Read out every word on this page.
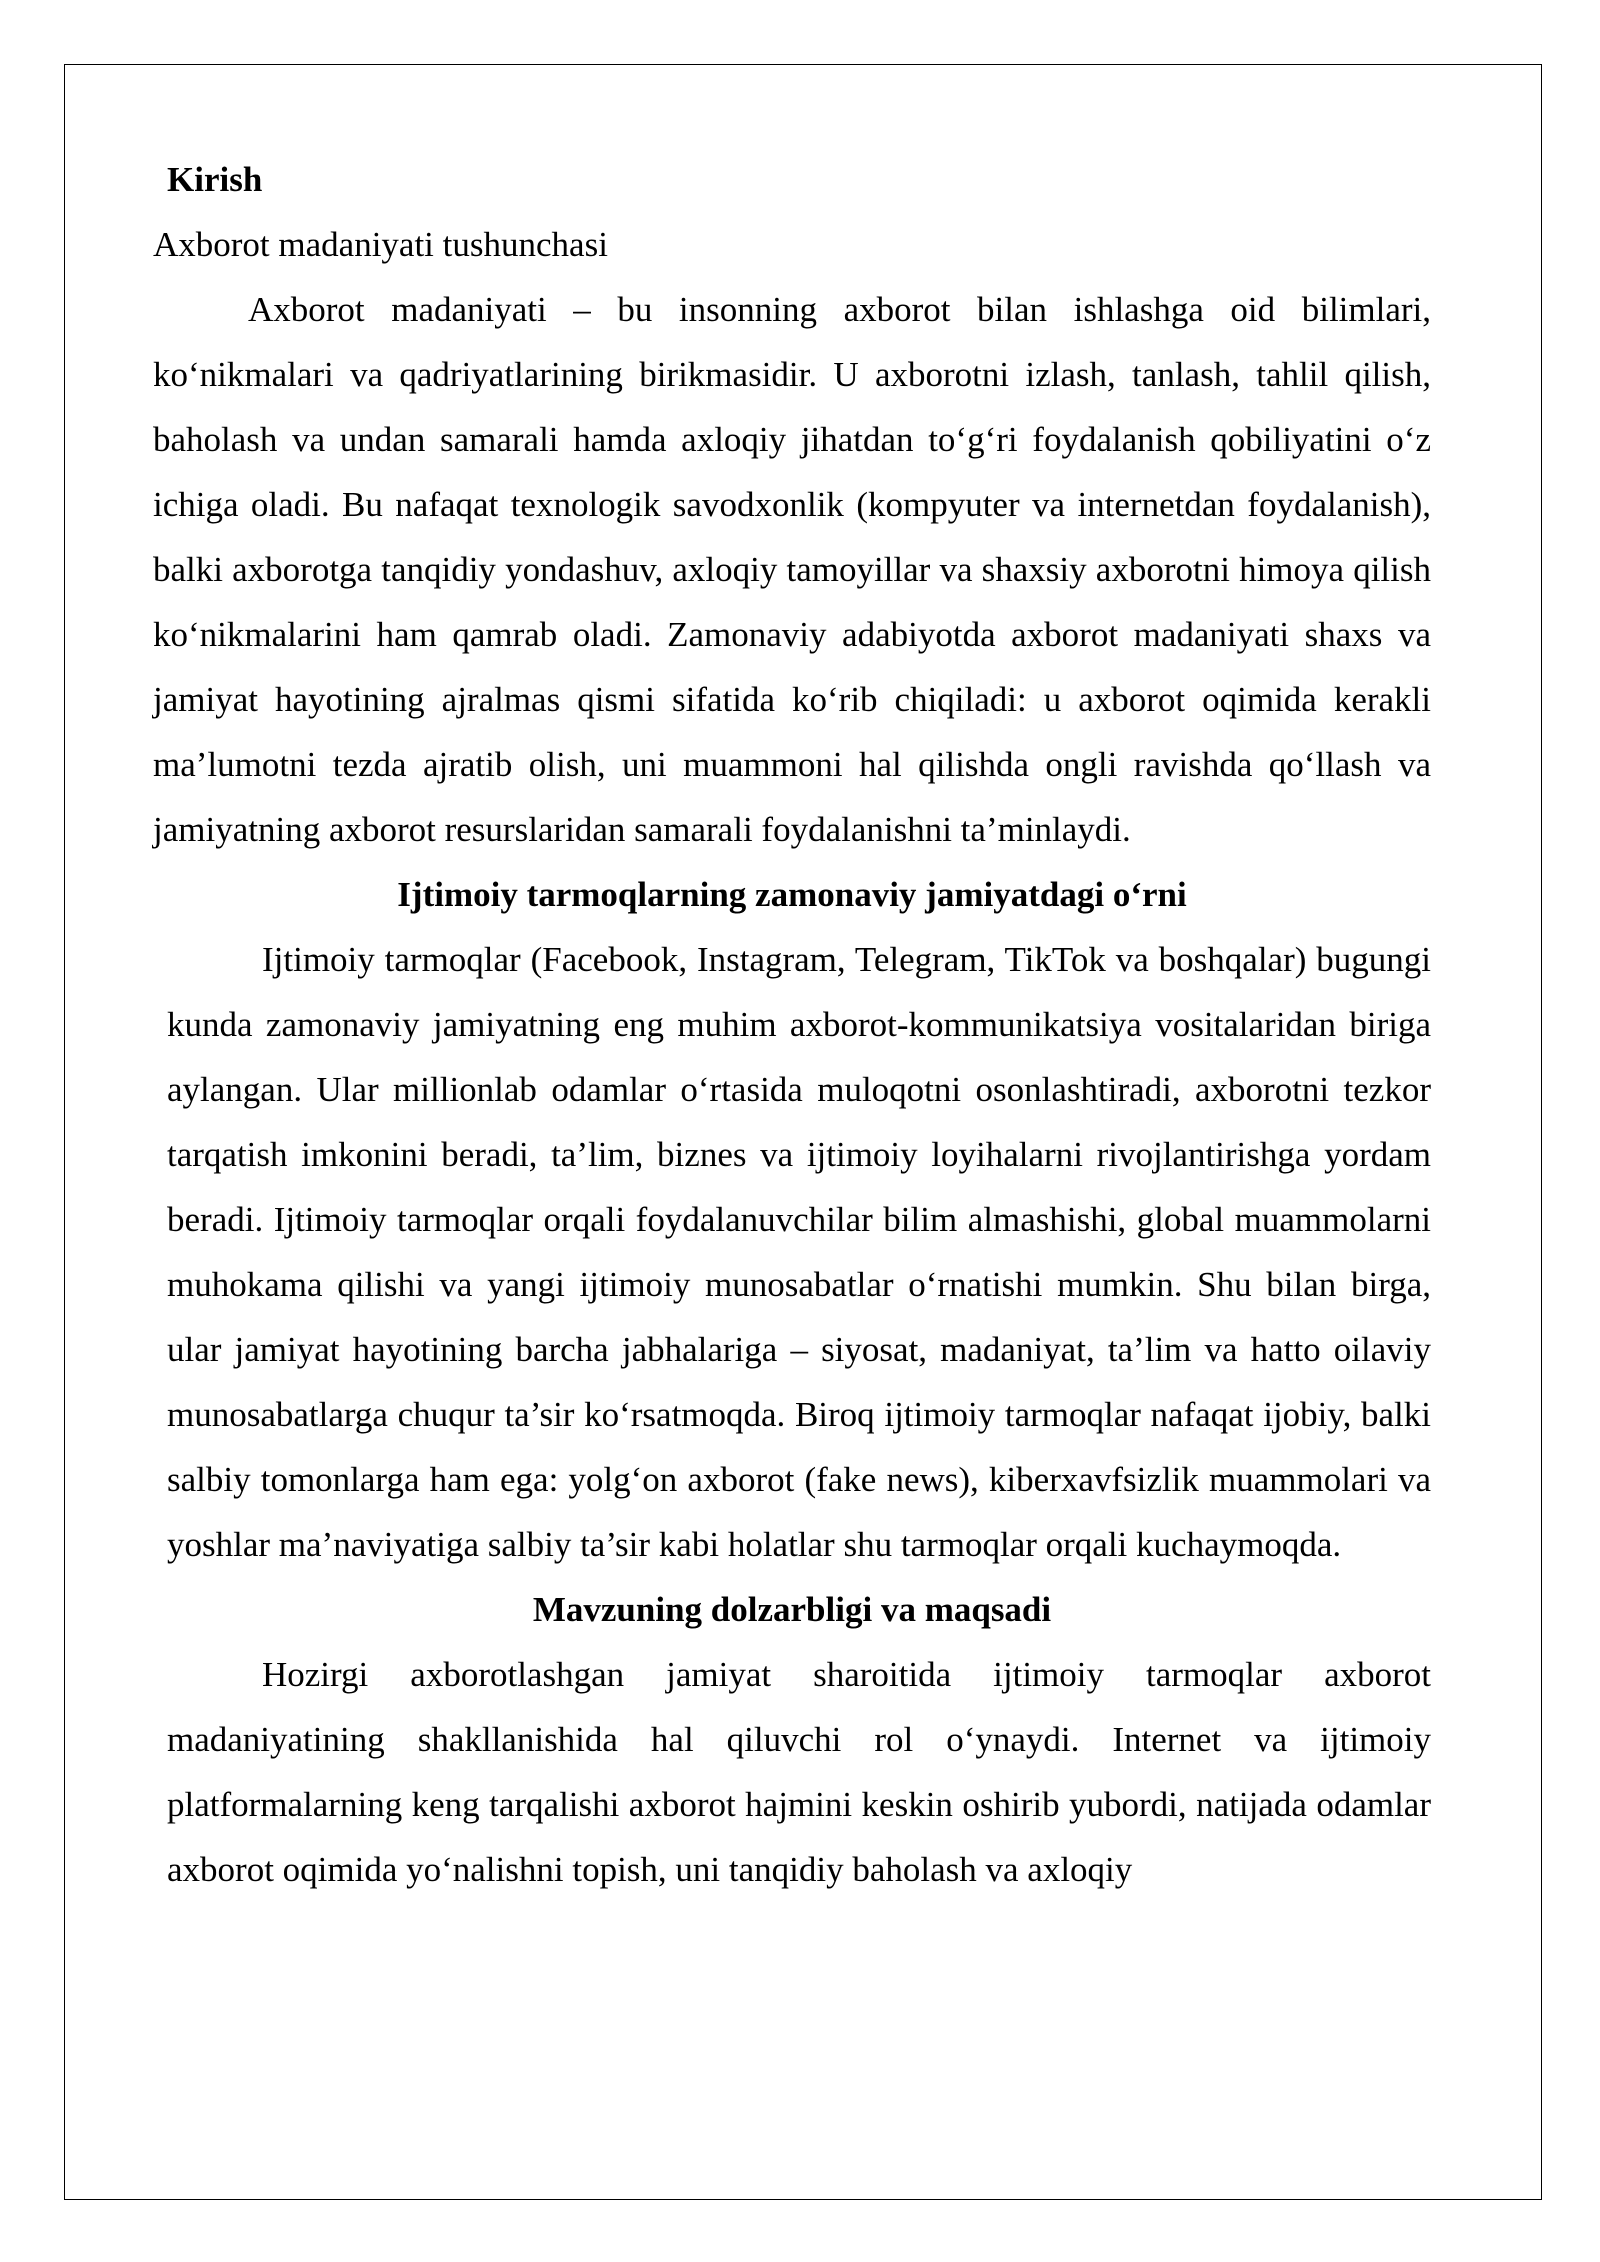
Kirish

Axborot madaniyati tushunchasi

Axborot madaniyati – bu insonning axborot bilan ishlashga oid bilimlari, ko‘nikmalari va qadriyatlarining birikmasidir. U axborotni izlash, tanlash, tahlil qilish, baholash va undan samarali hamda axloqiy jihatdan to‘g‘ri foydalanish qobiliyatini o‘z ichiga oladi. Bu nafaqat texnologik savodxonlik (kompyuter va internetdan foydalanish), balki axborotga tanqidiy yondashuv, axloqiy tamoyillar va shaxsiy axborotni himoya qilish ko‘nikmalarini ham qamrab oladi. Zamonaviy adabiyotda axborot madaniyati shaxs va jamiyat hayotining ajralmas qismi sifatida ko‘rib chiqiladi: u axborot oqimida kerakli ma’lumotni tezda ajratib olish, uni muammoni hal qilishda ongli ravishda qo‘llash va jamiyatning axborot resurslaridan samarali foydalanishni ta’minlaydi.

Ijtimoiy tarmoqlarning zamonaviy jamiyatdagi o‘rni

Ijtimoiy tarmoqlar (Facebook, Instagram, Telegram, TikTok va boshqalar) bugungi kunda zamonaviy jamiyatning eng muhim axborot-kommunikatsiya vositalaridan biriga aylangan. Ular millionlab odamlar o‘rtasida muloqotni osonlashtiradi, axborotni tezkor tarqatish imkonini beradi, ta’lim, biznes va ijtimoiy loyihalarni rivojlantirishga yordam beradi. Ijtimoiy tarmoqlar orqali foydalanuvchilar bilim almashishi, global muammolarni muhokama qilishi va yangi ijtimoiy munosabatlar o‘rnatishi mumkin. Shu bilan birga, ular jamiyat hayotining barcha jabhalariga – siyosat, madaniyat, ta’lim va hatto oilaviy munosabatlarga chuqur ta’sir ko‘rsatmoqda. Biroq ijtimoiy tarmoqlar nafaqat ijobiy, balki salbiy tomonlarga ham ega: yolg‘on axborot (fake news), kiberxavfsizlik muammolari va yoshlar ma’naviyatiga salbiy ta’sir kabi holatlar shu tarmoqlar orqali kuchaymoqda.

Mavzuning dolzarbligi va maqsadi

Hozirgi axborotlashgan jamiyat sharoitida ijtimoiy tarmoqlar axborot madaniyatining shakllanishida hal qiluvchi rol o‘ynaydi. Internet va ijtimoiy platformalarning keng tarqalishi axborot hajmini keskin oshirib yubordi, natijada odamlar axborot oqimida yo‘nalishni topish, uni tanqidiy baholash va axloqiy
